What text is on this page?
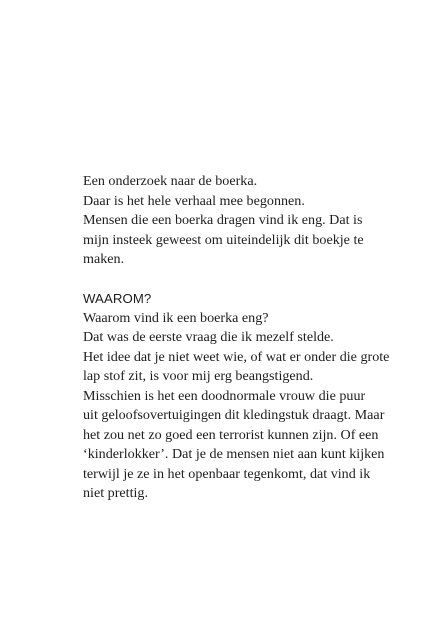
Een onderzoek naar de boerka.
Daar is het hele verhaal mee begonnen.
Mensen die een boerka dragen vind ik eng. Dat is
mijn insteek geweest om uiteindelijk dit boekje te
maken.

WAAROM?

Waarom vind ik een boerka eng?
Dat was de eerste vraag die ik mezelf stelde.
Het idee dat je niet weet wie, of wat er onder die grote
lap stof zit, is voor mij erg beangstigend.
Misschien is het een doodnormale vrouw die puur
uit geloofsovertuigingen dit kledingstuk draagt. Maar
het zou net zo goed een terrorist kunnen zijn. Of een
‘kinderlokker’. Dat je de mensen niet aan kunt kijken
terwijl je ze in het openbaar tegenkomt, dat vind ik
niet prettig.
